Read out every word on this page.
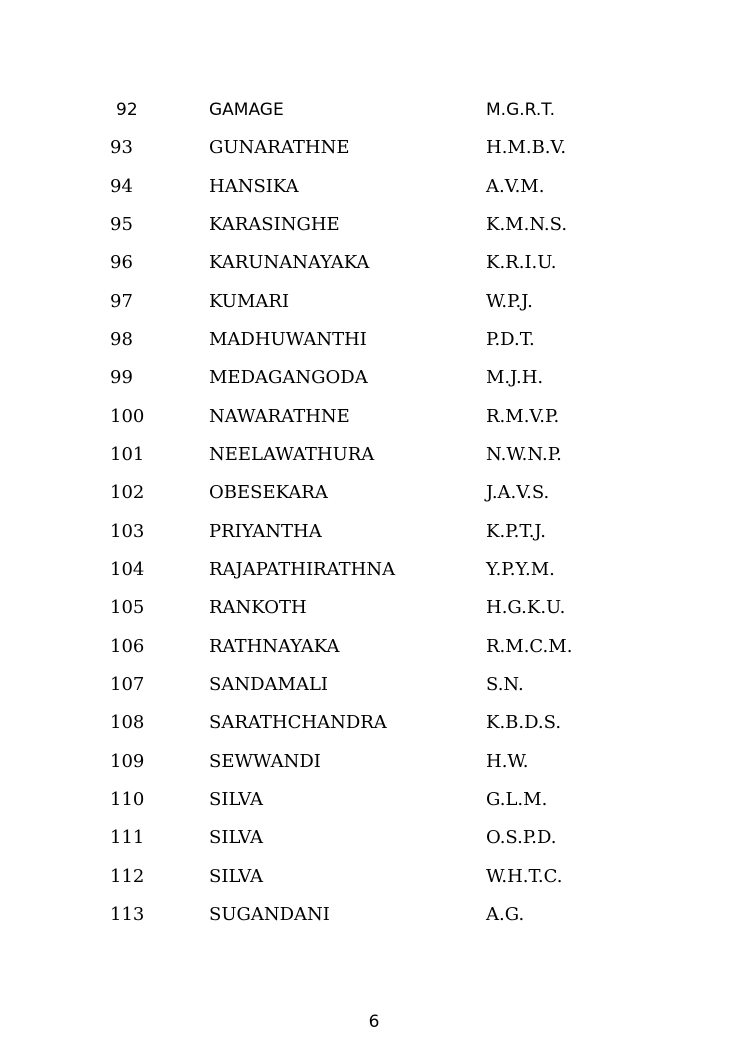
92	GAMAGE	M.G.R.T.
93	GUNARATHNE	H.M.B.V.
94	HANSIKA	A.V.M.
95	KARASINGHE	K.M.N.S.
96	KARUNANAYAKA	K.R.I.U.
97	KUMARI	W.P.J.
98	MADHUWANTHI	P.D.T.
99	MEDAGANGODA	M.J.H.
100	NAWARATHNE	R.M.V.P.
101	NEELAWATHURA	N.W.N.P.
102	OBESEKARA	J.A.V.S.
103	PRIYANTHA	K.P.T.J.
104	RAJAPATHIRATHNA	Y.P.Y.M.
105	RANKOTH	H.G.K.U.
106	RATHNAYAKA	R.M.C.M.
107	SANDAMALI	S.N.
108	SARATHCHANDRA	K.B.D.S.
109	SEWWANDI	H.W.
110	SILVA	G.L.M.
111	SILVA	O.S.P.D.
112	SILVA	W.H.T.C.
113	SUGANDANI	A.G.
6
